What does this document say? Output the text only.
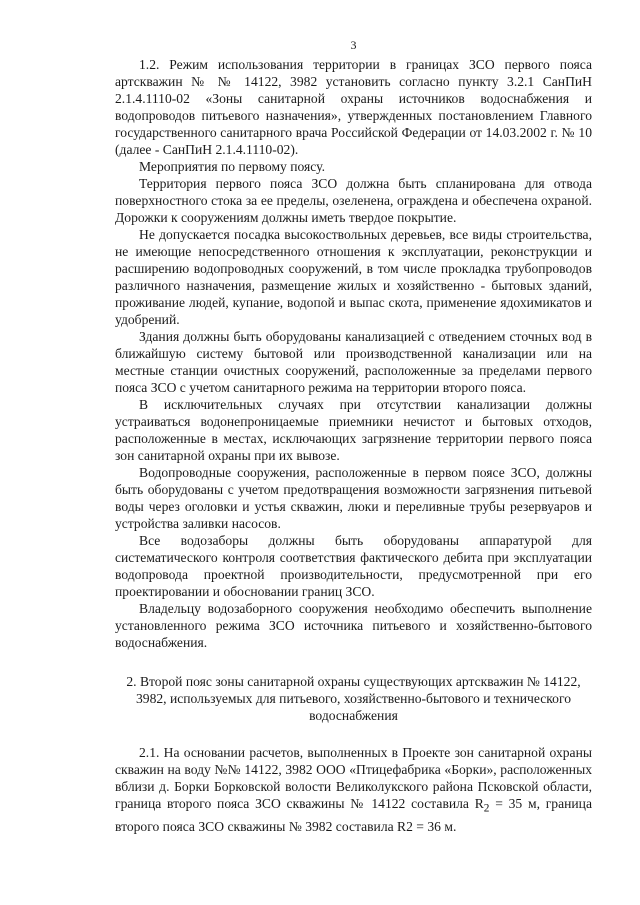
3

1.2. Режим использования территории в границах ЗСО первого пояса артскважин № № 14122, 3982 установить согласно пункту 3.2.1 СанПиН 2.1.4.1110-02 «Зоны санитарной охраны источников водоснабжения и водопроводов питьевого назначения», утвержденных постановлением Главного государственного санитарного врача Российской Федерации от 14.03.2002 г. № 10 (далее - СанПиН 2.1.4.1110-02).

Мероприятия по первому поясу.

Территория первого пояса ЗСО должна быть спланирована для отвода поверхностного стока за ее пределы, озеленена, ограждена и обеспечена охраной. Дорожки к сооружениям должны иметь твердое покрытие.

Не допускается посадка высокоствольных деревьев, все виды строительства, не имеющие непосредственного отношения к эксплуатации, реконструкции и расширению водопроводных сооружений, в том числе прокладка трубопроводов различного назначения, размещение жилых и хозяйственно - бытовых зданий, проживание людей, купание, водопой и выпас скота, применение ядохимикатов и удобрений.

Здания должны быть оборудованы канализацией с отведением сточных вод в ближайшую систему бытовой или производственной канализации или на местные станции очистных сооружений, расположенные за пределами первого пояса ЗСО с учетом санитарного режима на территории второго пояса.

В исключительных случаях при отсутствии канализации должны устраиваться водонепроницаемые приемники нечистот и бытовых отходов, расположенные в местах, исключающих загрязнение территории первого пояса зон санитарной охраны при их вывозе.

Водопроводные сооружения, расположенные в первом поясе ЗСО, должны быть оборудованы с учетом предотвращения возможности загрязнения питьевой воды через оголовки и устья скважин, люки и переливные трубы резервуаров и устройства заливки насосов.

Все водозаборы должны быть оборудованы аппаратурой для систематического контроля соответствия фактического дебита при эксплуатации водопровода проектной производительности, предусмотренной при его проектировании и обосновании границ ЗСО.

Владельцу водозаборного сооружения необходимо обеспечить выполнение установленного режима ЗСО источника питьевого и хозяйственно-бытового водоснабжения.

2. Второй пояс зоны санитарной охраны существующих артскважин № 14122, 3982, используемых для питьевого, хозяйственно-бытового и технического водоснабжения

2.1. На основании расчетов, выполненных в Проекте зон санитарной охраны скважин на воду №№ 14122, 3982 ООО «Птицефабрика «Борки», расположенных вблизи д. Борки Борковской волости Великолукского района Псковской области, граница второго пояса ЗСО скважины № 14122 составила $R_2 = 35$ м, граница второго пояса ЗСО скважины № 3982 составила R2 = 36 м.
